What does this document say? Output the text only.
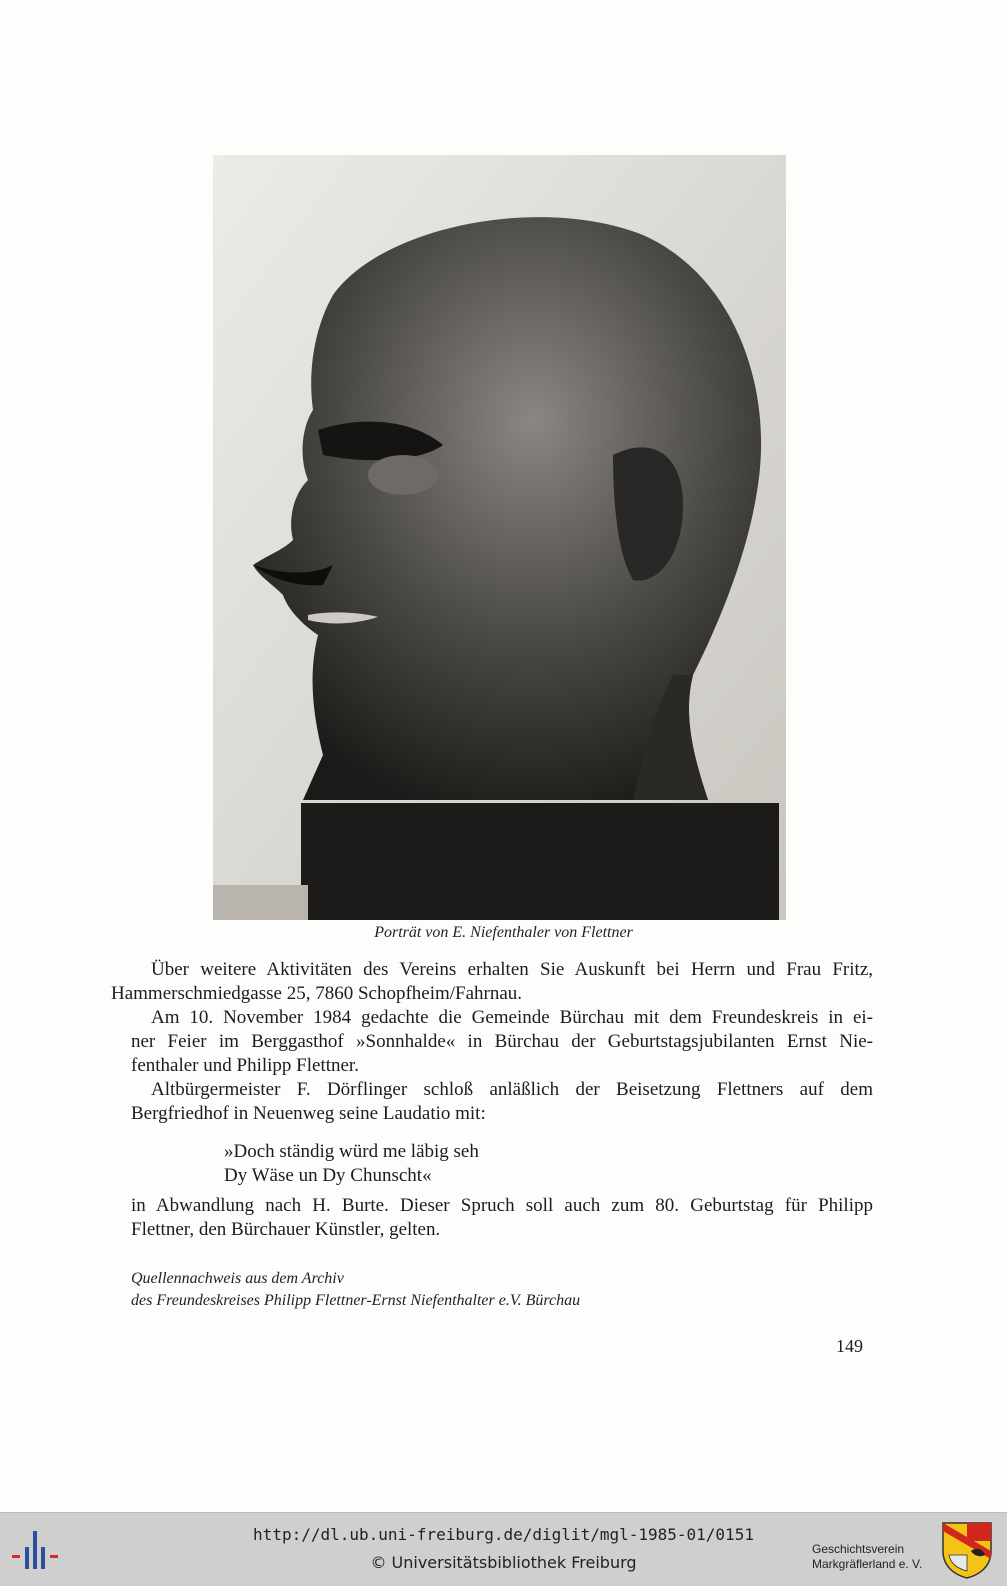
Porträt von E. Niefenthaler von Flettner

Über weitere Aktivitäten des Vereins erhalten Sie Auskunft bei Herrn und Frau Fritz,
Hammerschmiedgasse 25, 7860 Schopfheim/Fahrnau.

Am 10. November 1984 gedachte die Gemeinde Bürchau mit dem Freundeskreis in ei-
ner Feier im Berggasthof »Sonnhalde« in Bürchau der Geburtstagsjubilanten Ernst Nie-
fenthaler und Philipp Flettner.

Altbürgermeister F. Dörflinger schloß anläßlich der Beisetzung Flettners auf dem
Bergfriedhof in Neuenweg seine Laudatio mit:

»Doch ständig würd me läbig seh
Dy Wäse un Dy Chunscht«
in Abwandlung nach H. Burte. Dieser Spruch soll auch zum 80. Geburtstag für Philipp
Flettner, den Bürchauer Künstler, gelten.
Quellennachweis aus dem Archiv
des Freundeskreises Philipp Flettner-Ernst Niefenthalter e.V. Bürchau
149
http://dl.ub.uni-freiburg.de/diglit/mgl-1985-01/0151
© Universitätsbibliothek Freiburg
Geschichtsverein
Markgräflerland e. V.
